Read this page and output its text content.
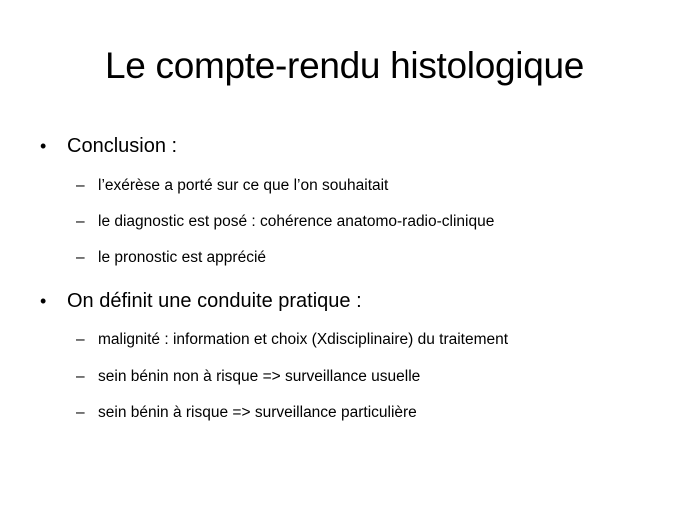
Le compte-rendu histologique
• Conclusion :
– l’exérèse a porté sur ce que l’on souhaitait
– le diagnostic est posé : cohérence anatomo-radio-clinique
– le pronostic est apprécié
• On définit une conduite pratique :
– malignité : information et choix (Xdisciplinaire) du traitement
– sein bénin non à risque => surveillance usuelle
– sein bénin à risque => surveillance particulière
